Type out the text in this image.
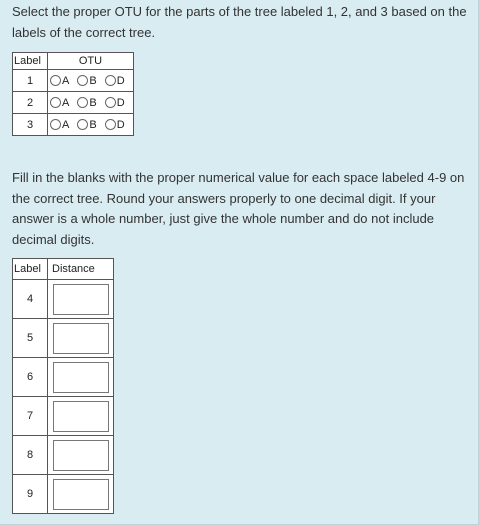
Select the proper OTU for the parts of the tree labeled 1, 2, and 3 based on the labels of the correct tree.

Label	OTU
1	A B D

2	A B D

3	A B D

Fill in the blanks with the proper numerical value for each space labeled 4-9 on the correct tree. Round your answers properly to one decimal digit. If your answer is a whole number, just give the whole number and do not include decimal digits.

Label	Distance
4	

5	

6	

7	

8	

9	
